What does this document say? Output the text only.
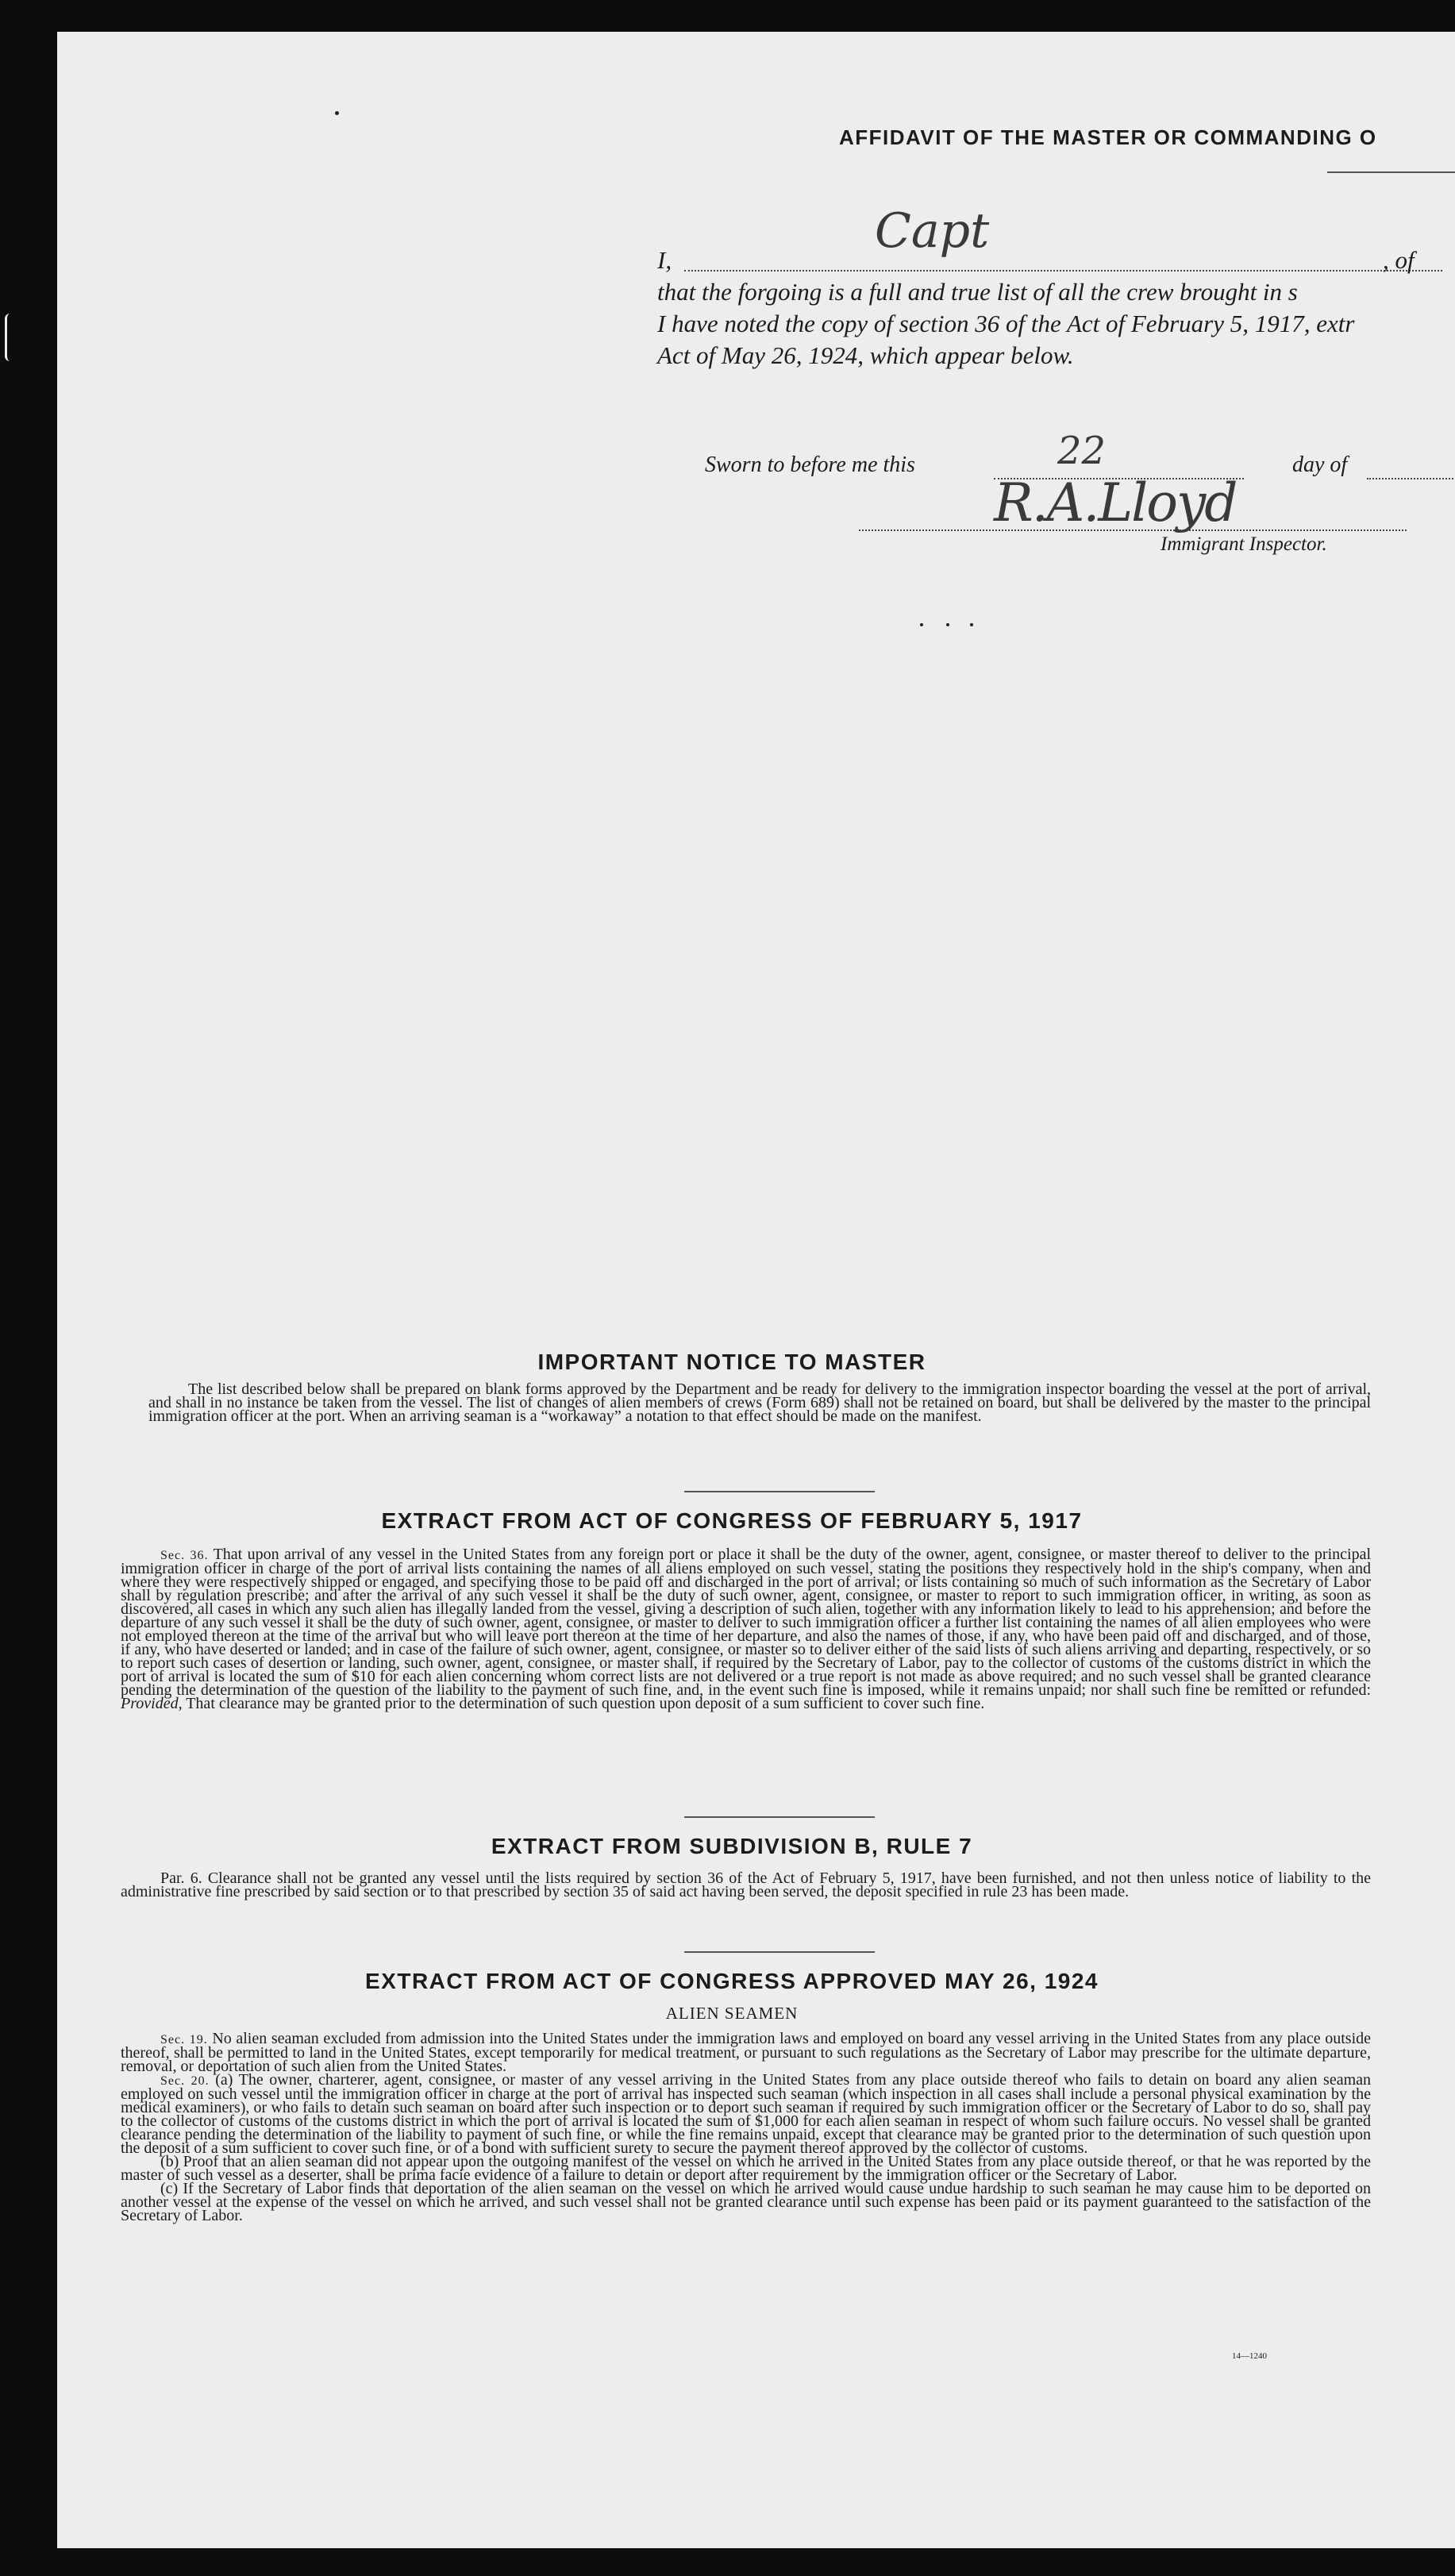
AFFIDAVIT OF THE MASTER OR COMMANDING O
I,
Capt
, of
that the forgoing is a full and true list of all the crew brought in s
I have noted the copy of section 36 of the Act of February 5, 1917, extr
Act of May 26, 1924, which appear below.
Sworn to before me this	22	day of
R.A.Lloyd
Immigrant Inspector.
IMPORTANT NOTICE TO MASTER

The list described below shall be prepared on blank forms approved by the Department and be ready for delivery to the immigration inspector boarding the vessel at the port of arrival, and shall in no instance be taken from the vessel. The list of changes of alien members of crews (Form 689) shall not be retained on board, but shall be delivered by the master to the principal immigration officer at the port. When an arriving seaman is a “workaway” a notation to that effect should be made on the manifest.

EXTRACT FROM ACT OF CONGRESS OF FEBRUARY 5, 1917

Sec. 36. That upon arrival of any vessel in the United States from any foreign port or place it shall be the duty of the owner, agent, consignee, or master thereof to deliver to the principal immigration officer in charge of the port of arrival lists containing the names of all aliens employed on such vessel, stating the positions they respectively hold in the ship's company, when and where they were respectively shipped or engaged, and specifying those to be paid off and discharged in the port of arrival; or lists containing so much of such information as the Secretary of Labor shall by regulation prescribe; and after the arrival of any such vessel it shall be the duty of such owner, agent, consignee, or master to report to such immigration officer, in writing, as soon as discovered, all cases in which any such alien has illegally landed from the vessel, giving a description of such alien, together with any information likely to lead to his apprehension; and before the departure of any such vessel it shall be the duty of such owner, agent, consignee, or master to deliver to such immigration officer a further list containing the names of all alien employees who were not employed thereon at the time of the arrival but who will leave port thereon at the time of her departure, and also the names of those, if any, who have been paid off and discharged, and of those, if any, who have deserted or landed; and in case of the failure of such owner, agent, consignee, or master so to deliver either of the said lists of such aliens arriving and departing, respectively, or so to report such cases of desertion or landing, such owner, agent, consignee, or master shall, if required by the Secretary of Labor, pay to the collector of customs of the customs district in which the port of arrival is located the sum of $10 for each alien concerning whom correct lists are not delivered or a true report is not made as above required; and no such vessel shall be granted clearance pending the determination of the question of the liability to the payment of such fine, and, in the event such fine is imposed, while it remains unpaid; nor shall such fine be remitted or refunded: Provided, That clearance may be granted prior to the determination of such question upon deposit of a sum sufficient to cover such fine.

EXTRACT FROM SUBDIVISION B, RULE 7

Par. 6. Clearance shall not be granted any vessel until the lists required by section 36 of the Act of February 5, 1917, have been furnished, and not then unless notice of liability to the administrative fine prescribed by said section or to that prescribed by section 35 of said act having been served, the deposit specified in rule 23 has been made.

EXTRACT FROM ACT OF CONGRESS APPROVED MAY 26, 1924
ALIEN SEAMEN

Sec. 19. No alien seaman excluded from admission into the United States under the immigration laws and employed on board any vessel arriving in the United States from any place outside thereof, shall be permitted to land in the United States, except temporarily for medical treatment, or pursuant to such regulations as the Secretary of Labor may prescribe for the ultimate departure, removal, or deportation of such alien from the United States.

Sec. 20. (a) The owner, charterer, agent, consignee, or master of any vessel arriving in the United States from any place outside thereof who fails to detain on board any alien seaman employed on such vessel until the immigration officer in charge at the port of arrival has inspected such seaman (which inspection in all cases shall include a personal physical examination by the medical examiners), or who fails to detain such seaman on board after such inspection or to deport such seaman if required by such immigration officer or the Secretary of Labor to do so, shall pay to the collector of customs of the customs district in which the port of arrival is located the sum of $1,000 for each alien seaman in respect of whom such failure occurs. No vessel shall be granted clearance pending the determination of the liability to payment of such fine, or while the fine remains unpaid, except that clearance may be granted prior to the determination of such question upon the deposit of a sum sufficient to cover such fine, or of a bond with sufficient surety to secure the payment thereof approved by the collector of customs.

(b) Proof that an alien seaman did not appear upon the outgoing manifest of the vessel on which he arrived in the United States from any place outside thereof, or that he was reported by the master of such vessel as a deserter, shall be prima facie evidence of a failure to detain or deport after requirement by the immigration officer or the Secretary of Labor.

(c) If the Secretary of Labor finds that deportation of the alien seaman on the vessel on which he arrived would cause undue hardship to such seaman he may cause him to be deported on another vessel at the expense of the vessel on which he arrived, and such vessel shall not be granted clearance until such expense has been paid or its payment guaranteed to the satisfaction of the Secretary of Labor.

14—1240
